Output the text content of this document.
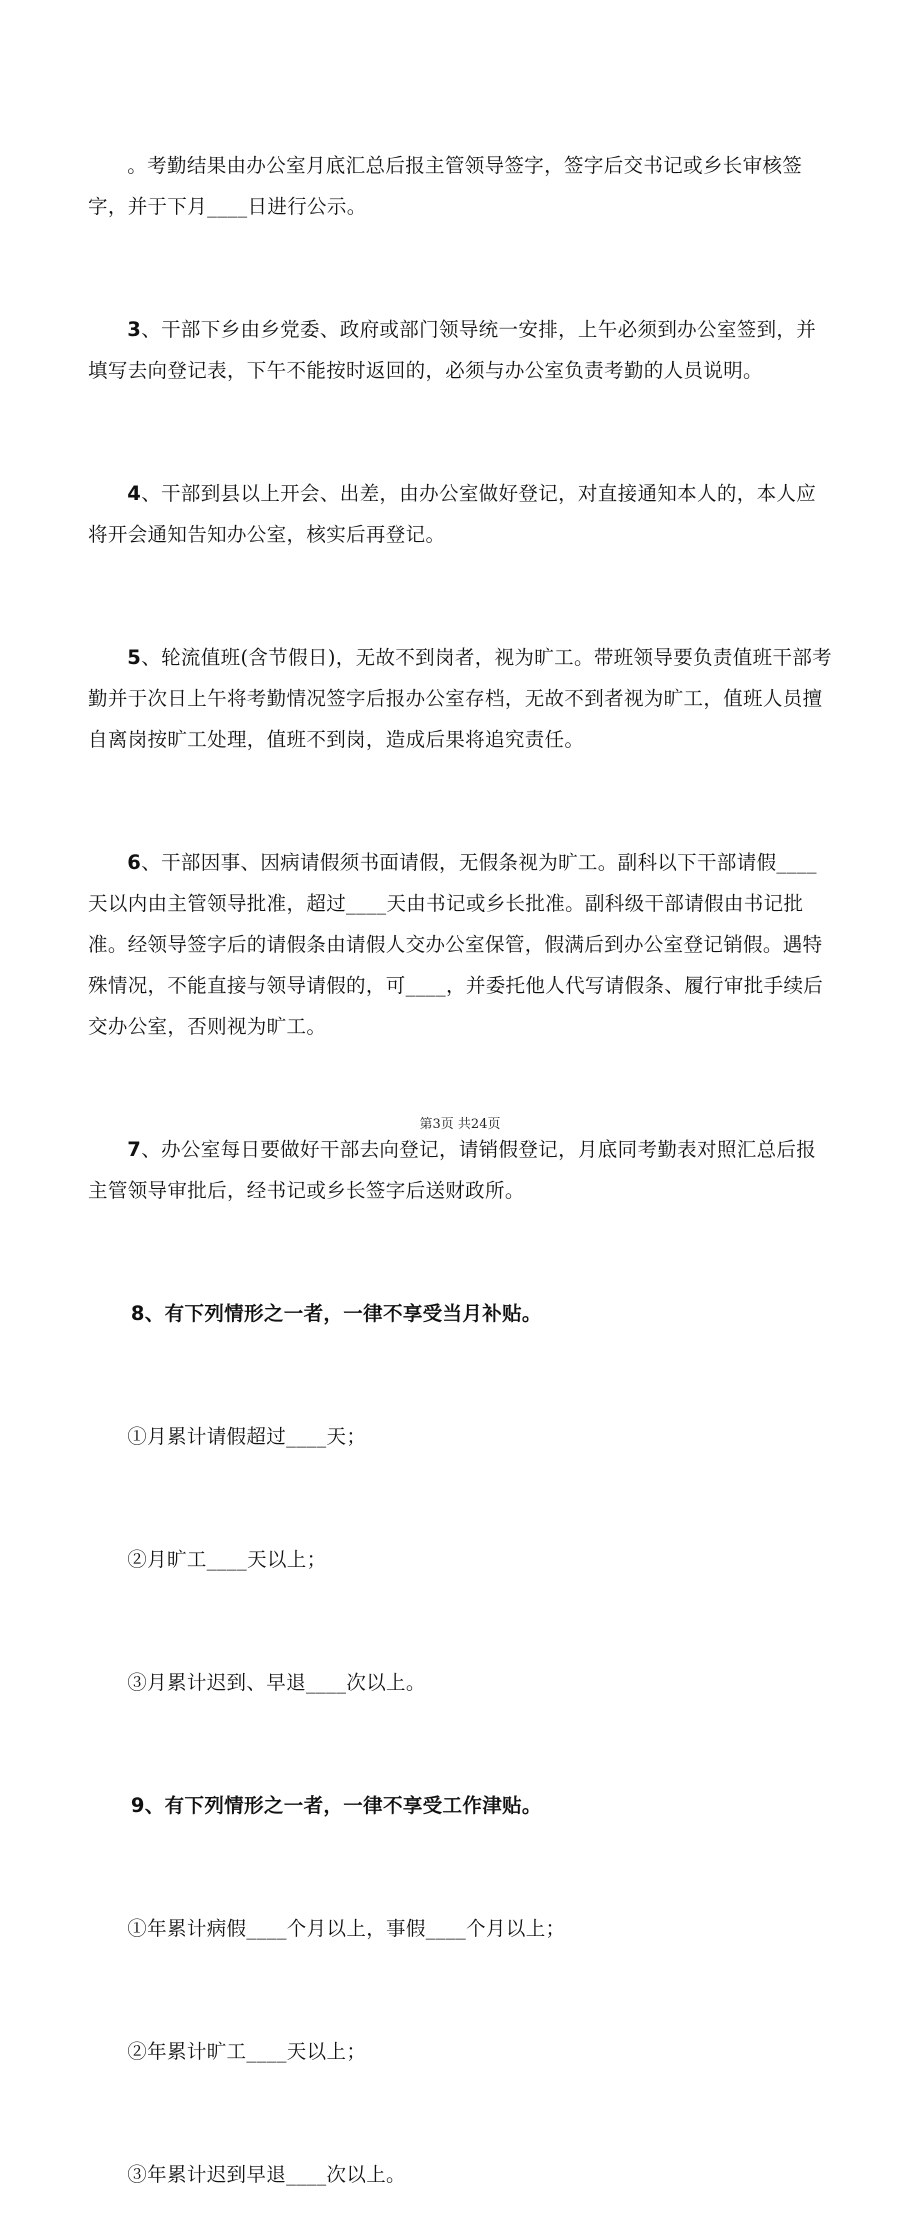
。考勤结果由办公室月底汇总后报主管领导签字，签字后交书记或乡长审核签字，并于下月____日进行公示。

3、干部下乡由乡党委、政府或部门领导统一安排，上午必须到办公室签到，并填写去向登记表，下午不能按时返回的，必须与办公室负责考勤的人员说明。

4、干部到县以上开会、出差，由办公室做好登记，对直接通知本人的，本人应将开会通知告知办公室，核实后再登记。

5、轮流值班(含节假日)，无故不到岗者，视为旷工。带班领导要负责值班干部考勤并于次日上午将考勤情况签字后报办公室存档，无故不到者视为旷工，值班人员擅自离岗按旷工处理，值班不到岗，造成后果将追究责任。

6、干部因事、因病请假须书面请假，无假条视为旷工。副科以下干部请假____天以内由主管领导批准，超过____天由书记或乡长批准。副科级干部请假由书记批准。经领导签字后的请假条由请假人交办公室保管，假满后到办公室登记销假。遇特殊情况，不能直接与领导请假的，可____，并委托他人代写请假条、履行审批手续后交办公室，否则视为旷工。

7、办公室每日要做好干部去向登记，请销假登记，月底同考勤表对照汇总后报主管领导审批后，经书记或乡长签字后送财政所。

8、有下列情形之一者，一律不享受当月补贴。

①月累计请假超过____天；

②月旷工____天以上；

③月累计迟到、早退____次以上。

9、有下列情形之一者，一律不享受工作津贴。

①年累计病假____个月以上，事假____个月以上；

②年累计旷工____天以上；

③年累计迟到早退____次以上。

第3页 共24页
